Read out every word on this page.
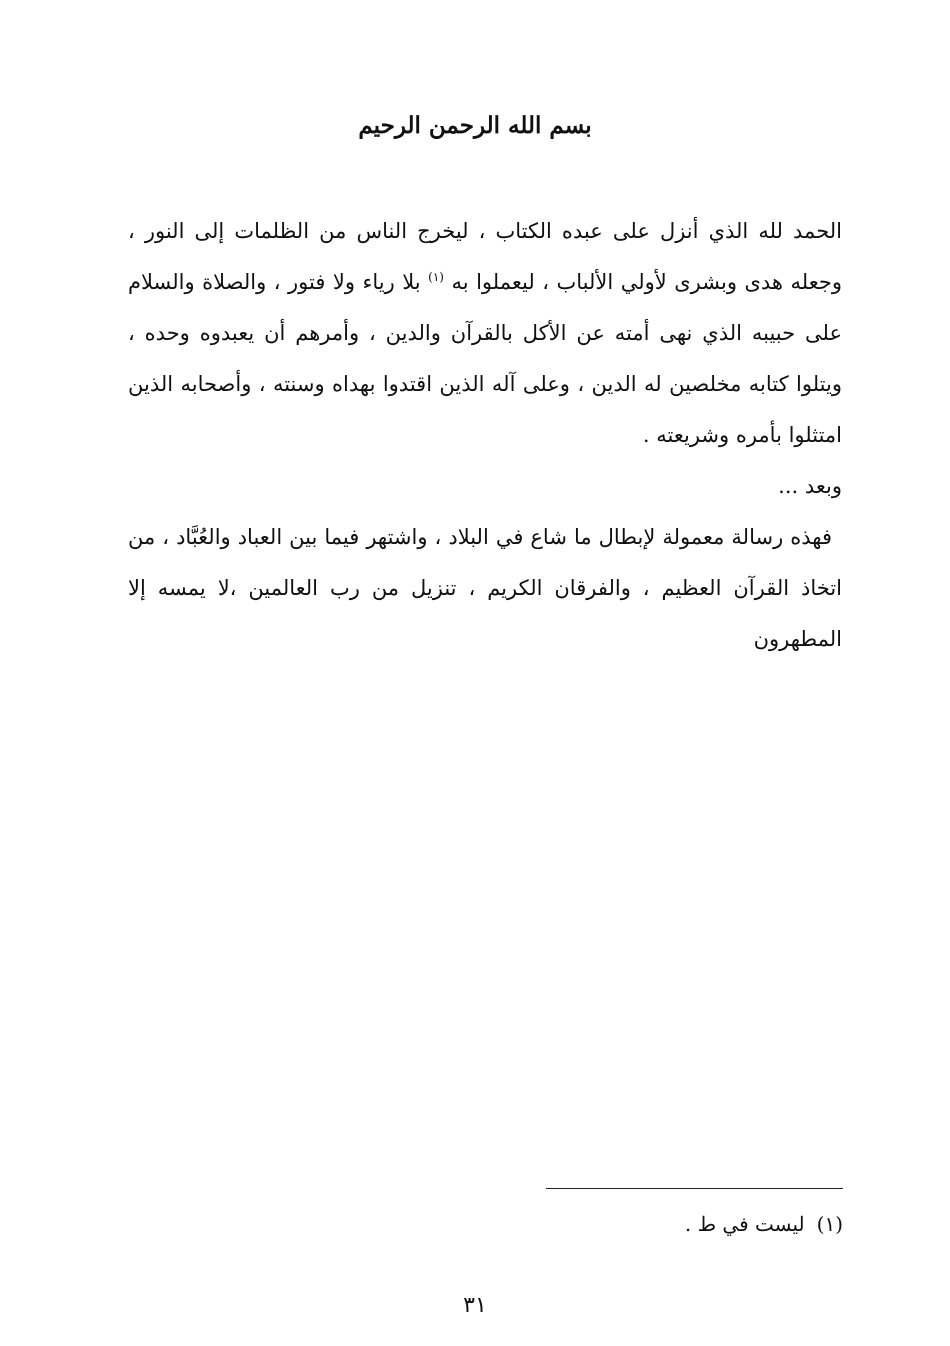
بسم الله الرحمن الرحيم

الحمد لله الذي أنزل على عبده الكتاب ، ليخرج الناس من الظلمات إلى النور ، وجعله هدى وبشرى لأولي الألباب ، ليعملوا به $^{(١)}$ بلا رياء ولا فتور ، والصلاة والسلام على حبيبه الذي نهى أمته عن الأكل بالقرآن والدين ، وأمرهم أن يعبدوه وحده ، ويتلوا كتابه مخلصين له الدين ، وعلى آله الذين اقتدوا بهداه وسنته ، وأصحابه الذين امتثلوا بأمره وشريعته .

وبعد ...

فهذه رسالة معمولة لإبطال ما شاع في البلاد ، واشتهر فيما بين العباد والعُبَّاد ، من اتخاذ القرآن العظيم ، والفرقان الكريم ، تنزيل من رب العالمين ،لا يمسه إلا المطهرون

(١)ليست في ط .
٣١
